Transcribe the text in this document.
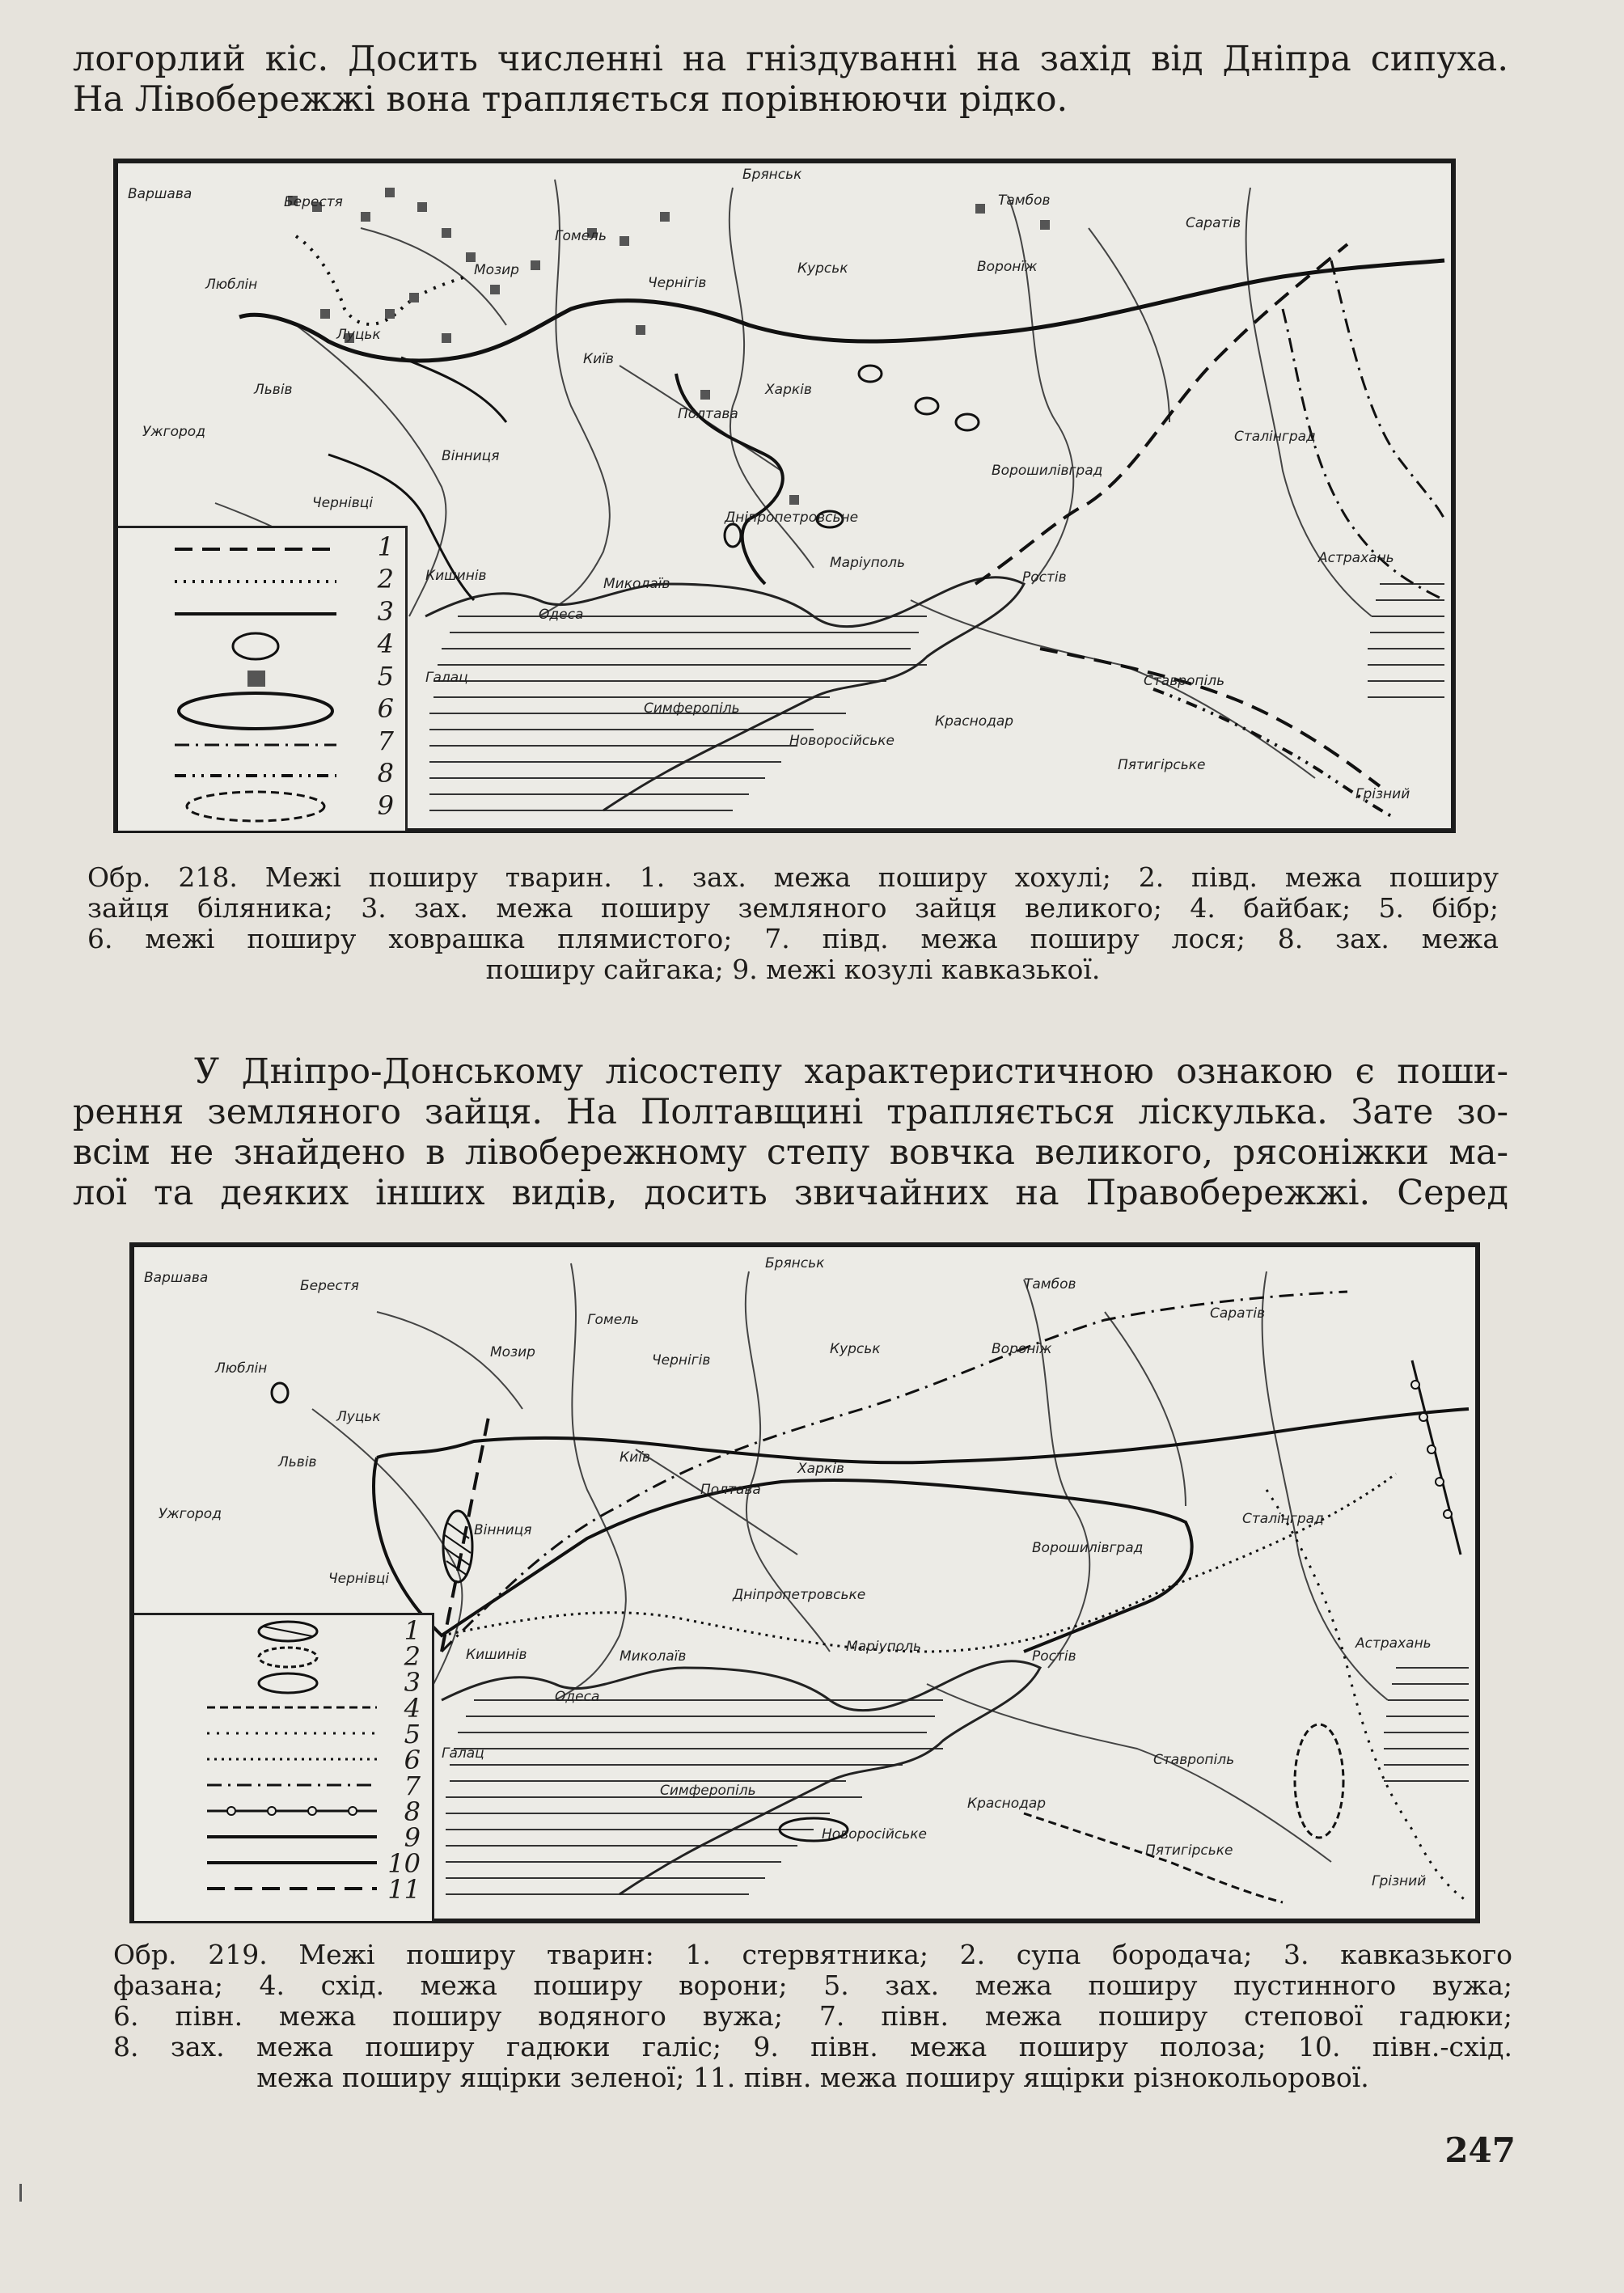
логорлий кіс. Досить численні на гніздуванні на захід від Дніпра сипуха.

На Лівобережжі вона трапляється порівнюючи рідко.

Варшава	Берестя
Люблін
Луцьк
Львів
Ужгород
Чернівці
Гомель
Мозир
Чернігів
Київ
Брянськ
Курськ
Тамбов
Воронїж
Саратів
Харків
Полтава
Вінниця
Ворошилівград
Сталінград
Дніпропетровсьне
Кишинів	Миколаїв
Одеса
Маріуполь
Ростів
Астрахань
Галац	Ставропіль
Симферопіль
Краснодар
Новоросійське
Пятигірське
Грізний
1
2
3
4
5
6
7
8
9

Обр. 218. Межі поширу тварин. 1. зах. межа поширу хохулі; 2. півд. межа поширу

зайця біляника; 3. зах. межа поширу земляного зайця великого; 4. байбак; 5. бібр;

6. межі поширу ховрашка плямистого; 7. півд. межа поширу лося; 8. зах. межа

поширу сайгака; 9. межі козулі кавказької.

У Дніпро-Донському лісостепу характеристичною ознакою є поши-

рення земляного зайця. На Полтавщині трапляється ліскулька. Зате зо-

всім не знайдено в лівобережному степу вовчка великого, рясоніжки ма-

лої та деяких інших видів, досить звичайних на Правобережжі. Серед

Варшава	Берестя
Люблін
Луцьк
Львів
Ужгород
Чернівці
Гомель
Мозир	Чернігів
Київ
Брянськ
Курськ
Тамбов
Воронїж
Саратів
Харків
Полтава
Вінниця
Ворошилівград
Сталінград
Дніпропетровське
Кишинів	Миколаїв
Одеса
Маріуполь
Ростів
Астрахань
Галац	Ставропіль
Симферопіль
Краснодар
Новоросійське
Пятигірське
Грізний
1
2
3
4
5
6
7
8
9
10
11

Обр. 219. Межі поширу тварин: 1. стервятника; 2. супа бородача; 3. кавказького

фазана; 4. схід. межа поширу ворони; 5. зах. межа поширу пустинного вужа;

6. півн. межа поширу водяного вужа; 7. півн. межа поширу степової гадюки;

8. зах. межа поширу гадюки галіс; 9. півн. межа поширу полоза; 10. півн.-схід.

межа поширу ящірки зеленої; 11. півн. межа поширу ящірки різнокольорової.

247
